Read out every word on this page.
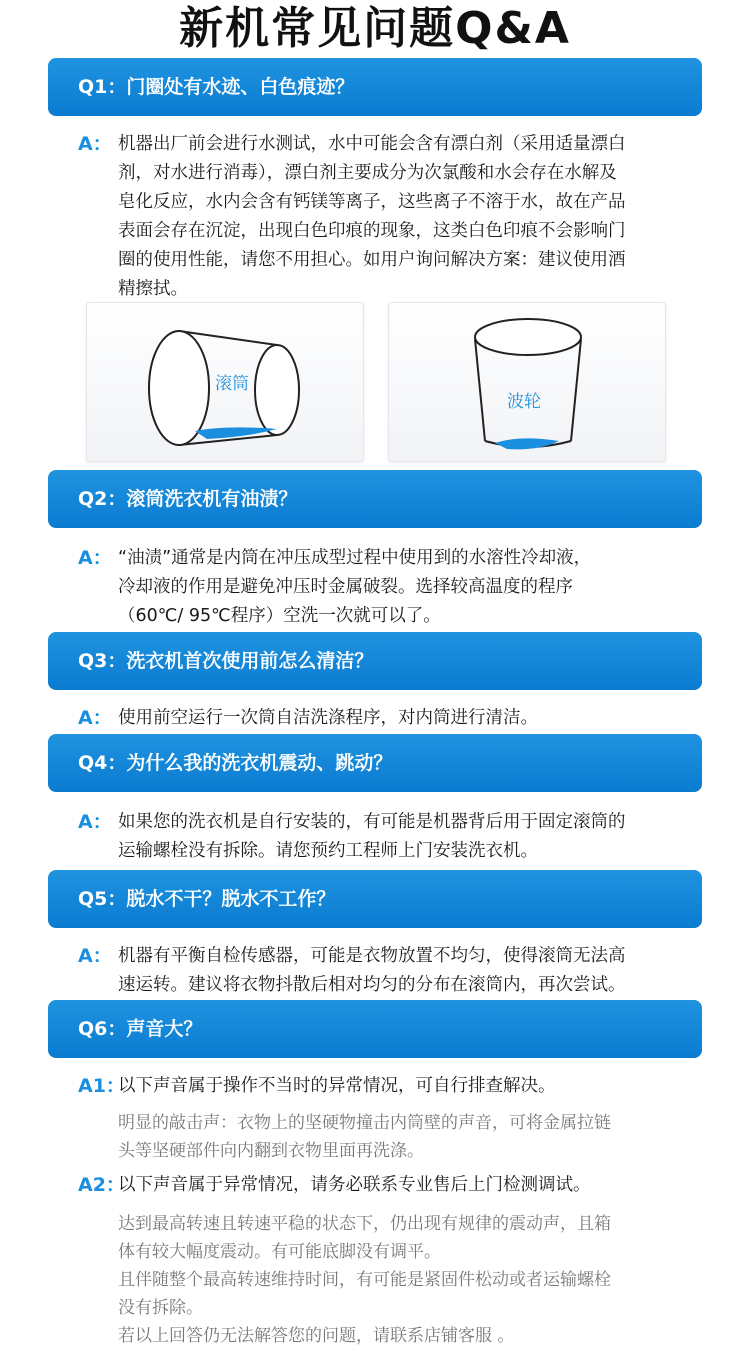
新机常见问题Q&A
Q1：门圈处有水迹、白色痕迹？
A： 机器出厂前会进行水测试，水中可能会含有漂白剂（采用适量漂白
剂，对水进行消毒），漂白剂主要成分为次氯酸和水会存在水解及
皂化反应，水内会含有钙镁等离子，这些离子不溶于水，故在产品
表面会存在沉淀，出现白色印痕的现象，这类白色印痕不会影响门
圈的使用性能，请您不用担心。如用户询问解决方案：建议使用酒
精擦拭。
滚筒
波轮
Q2：滚筒洗衣机有油渍？
A： “油渍”通常是内筒在冲压成型过程中使用到的水溶性冷却液，
冷却液的作用是避免冲压时金属破裂。选择较高温度的程序
（60℃/ 95℃程序）空洗一次就可以了。
Q3：洗衣机首次使用前怎么清洁？
A： 使用前空运行一次筒自洁洗涤程序，对内筒进行清洁。
Q4：为什么我的洗衣机震动、跳动？
A： 如果您的洗衣机是自行安装的，有可能是机器背后用于固定滚筒的
运输螺栓没有拆除。请您预约工程师上门安装洗衣机。
Q5：脱水不干？脱水不工作？
A： 机器有平衡自检传感器，可能是衣物放置不均匀，使得滚筒无法高
速运转。建议将衣物抖散后相对均匀的分布在滚筒内，再次尝试。
Q6：声音大？
A1：
以下声音属于操作不当时的异常情况，可自行排查解决。
明显的敲击声：衣物上的坚硬物撞击内筒壁的声音，可将金属拉链
头等坚硬部件向内翻到衣物里面再洗涤。
A2：
以下声音属于异常情况，请务必联系专业售后上门检测调试。
达到最高转速且转速平稳的状态下，仍出现有规律的震动声，且箱
体有较大幅度震动。有可能底脚没有调平。
且伴随整个最高转速维持时间，有可能是紧固件松动或者运输螺栓
没有拆除。
若以上回答仍无法解答您的问题，请联系店铺客服 。
